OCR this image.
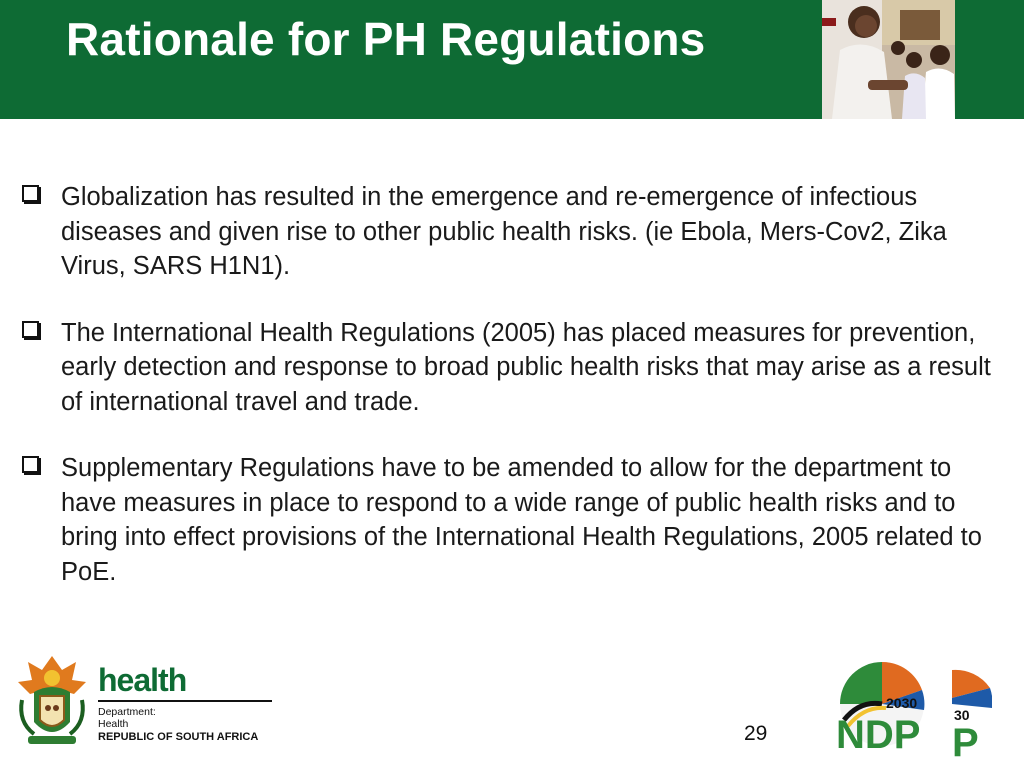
Rationale for PH Regulations
Globalization has resulted in the emergence and re-emergence of infectious diseases and given rise to other public health risks. (ie Ebola, Mers-Cov2, Zika Virus, SARS H1N1).
The International Health Regulations (2005) has placed measures for prevention, early detection and response to broad public health risks that may arise as a result of international travel and trade.
Supplementary Regulations have to be amended to allow for the department to have measures in place to respond to a wide range of public health risks and to bring into effect provisions of the International Health Regulations, 2005 related to PoE.
health
Department:
Health
REPUBLIC OF SOUTH AFRICA	29
2030
NDP 30
P
